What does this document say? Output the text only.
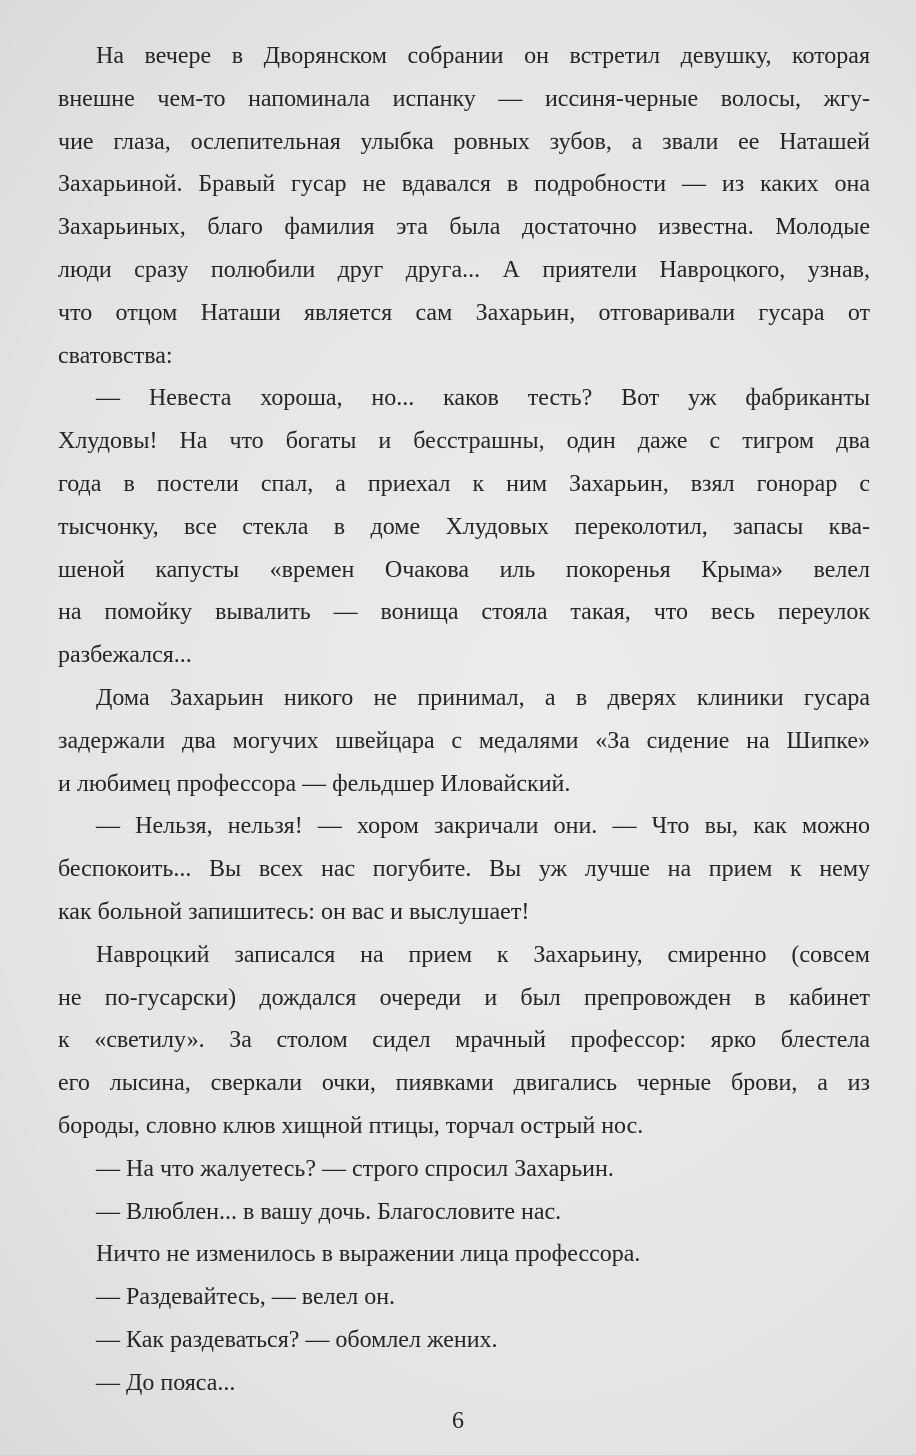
На вечере в Дворянском собрании он встретил девушку, которая
внешне чем-то напоминала испанку — иссиня-черные волосы, жгу-
чие глаза, ослепительная улыбка ровных зубов, а звали ее Наташей
Захарьиной. Бравый гусар не вдавался в подробности — из каких она
Захарьиных, благо фамилия эта была достаточно известна. Молодые
люди сразу полюбили друг друга... А приятели Навроцкого, узнав,
что отцом Наташи является сам Захарьин, отговаривали гусара от
сватовства:
— Невеста хороша, но... каков тесть? Вот уж фабриканты
Хлудовы! На что богаты и бесстрашны, один даже с тигром два
года в постели спал, а приехал к ним Захарьин, взял гонорар с
тысчонку, все стекла в доме Хлудовых переколотил, запасы ква-
шеной капусты «времен Очакова иль покоренья Крыма» велел
на помойку вывалить — вонища стояла такая, что весь переулок
разбежался...
Дома Захарьин никого не принимал, а в дверях клиники гусара
задержали два могучих швейцара с медалями «За сидение на Шипке»
и любимец профессора — фельдшер Иловайский.
— Нельзя, нельзя! — хором закричали они. — Что вы, как можно
беспокоить... Вы всех нас погубите. Вы уж лучше на прием к нему
как больной запишитесь: он вас и выслушает!
Навроцкий записался на прием к Захарьину, смиренно (совсем
не по-гусарски) дождался очереди и был препровожден в кабинет
к «светилу». За столом сидел мрачный профессор: ярко блестела
его лысина, сверкали очки, пиявками двигались черные брови, а из
бороды, словно клюв хищной птицы, торчал острый нос.
— На что жалуетесь? — строго спросил Захарьин.
— Влюблен... в вашу дочь. Благословите нас.
Ничто не изменилось в выражении лица профессора.
— Раздевайтесь, — велел он.
— Как раздеваться? — обомлел жених.
— До пояса...
6
